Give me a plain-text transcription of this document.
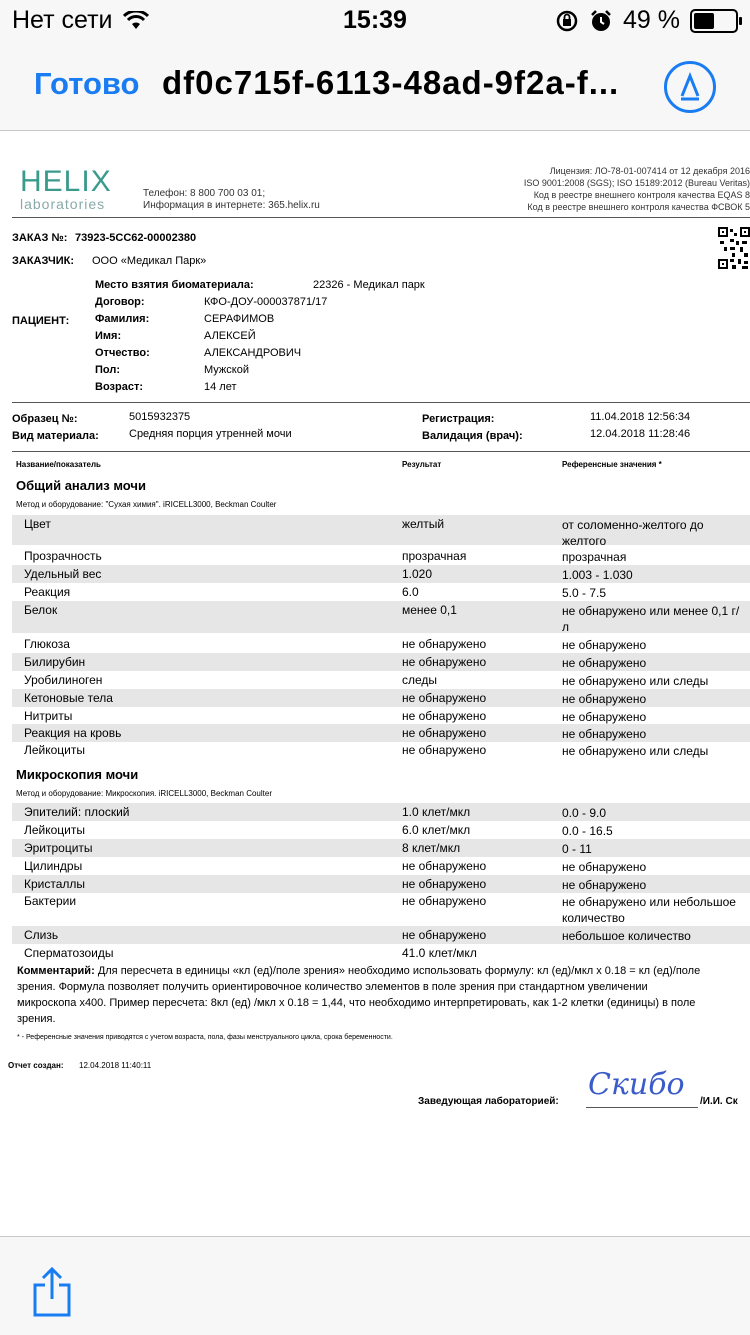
Нет сети	15:39	49 %
Готово df0c715f-6113-48ad-9f2a-f...
HELIX
laboratories
Телефон: 8 800 700 03 01;
Информация в интернете: 365.helix.ru
Лицензия: ЛО-78-01-007414 от 12 декабря 2016
ISO 9001:2008 (SGS); ISO 15189:2012 (Bureau Veritas)
Код в реестре внешнего контроля качества EQAS 8
Код в реестре внешнего контроля качества ФСВОК 5
ЗАКАЗ №: 73923-5CC62-00002380
ЗАКАЗЧИК: ООО «Медикал Парк»
ПАЦИЕНТ:
Место взятия биоматериала:	22326 - Медикал парк
Договор:	КФО-ДОУ-000037871/17
Фамилия:	СЕРАФИМОВ
Имя:	АЛЕКСЕЙ
Отчество:	АЛЕКСАНДРОВИЧ
Пол:	Мужской
Возраст:	14 лет
Образец №:	5015932375
Вид материала:	Средняя порция утренней мочи
Регистрация:	11.04.2018 12:56:34
Валидация (врач):	12.04.2018 11:28:46
Название/показатель	Результат	Референсные значения *
Общий анализ мочи
Метод и оборудование: "Сухая химия". iRICELL3000, Beckman Coulter
Цвет	желтый	от соломенно-желтого до желтого
Прозрачность	прозрачная	прозрачная
Удельный вес	1.020	1.003 - 1.030
Реакция	6.0	5.0 - 7.5
Белок	менее 0,1	не обнаружено или менее 0,1 г/л
Глюкоза	не обнаружено	не обнаружено
Билирубин	не обнаружено	не обнаружено
Уробилиноген	следы	не обнаружено или следы
Кетоновые тела	не обнаружено	не обнаружено
Нитриты	не обнаружено	не обнаружено
Реакция на кровь	не обнаружено	не обнаружено
Лейкоциты	не обнаружено	не обнаружено или следы
Микроскопия мочи
Метод и оборудование: Микроскопия. iRICELL3000, Beckman Coulter
Эпителий: плоский	1.0 клет/мкл	0.0 - 9.0
Лейкоциты	6.0 клет/мкл	0.0 - 16.5
Эритроциты	8 клет/мкл	0 - 11
Цилиндры	не обнаружено	не обнаружено
Кристаллы	не обнаружено	не обнаружено
Бактерии	не обнаружено	не обнаружено или небольшое количество
Слизь	не обнаружено	небольшое количество
Сперматозоиды	41.0 клет/мкл
Комментарий: Для пересчета в единицы «кл (ед)/поле зрения» необходимо использовать формулу: кл (ед)/мкл х 0.18 = кл (ед)/поле зрения. Формула позволяет получить ориентировочное количество элементов в поле зрения при стандартном увеличении микроскопа х400. Пример пересчета: 8кл (ед) /мкл х 0.18 = 1,44, что необходимо интерпретировать, как 1-2 клетки (единицы) в поле зрения.
* - Референсные значения приводятся с учетом возраста, пола, фазы менструального цикла, срока беременности.
Отчет создан: 12.04.2018 11:40:11
Заведующая лабораторией: Скибо /И.И. Ск
